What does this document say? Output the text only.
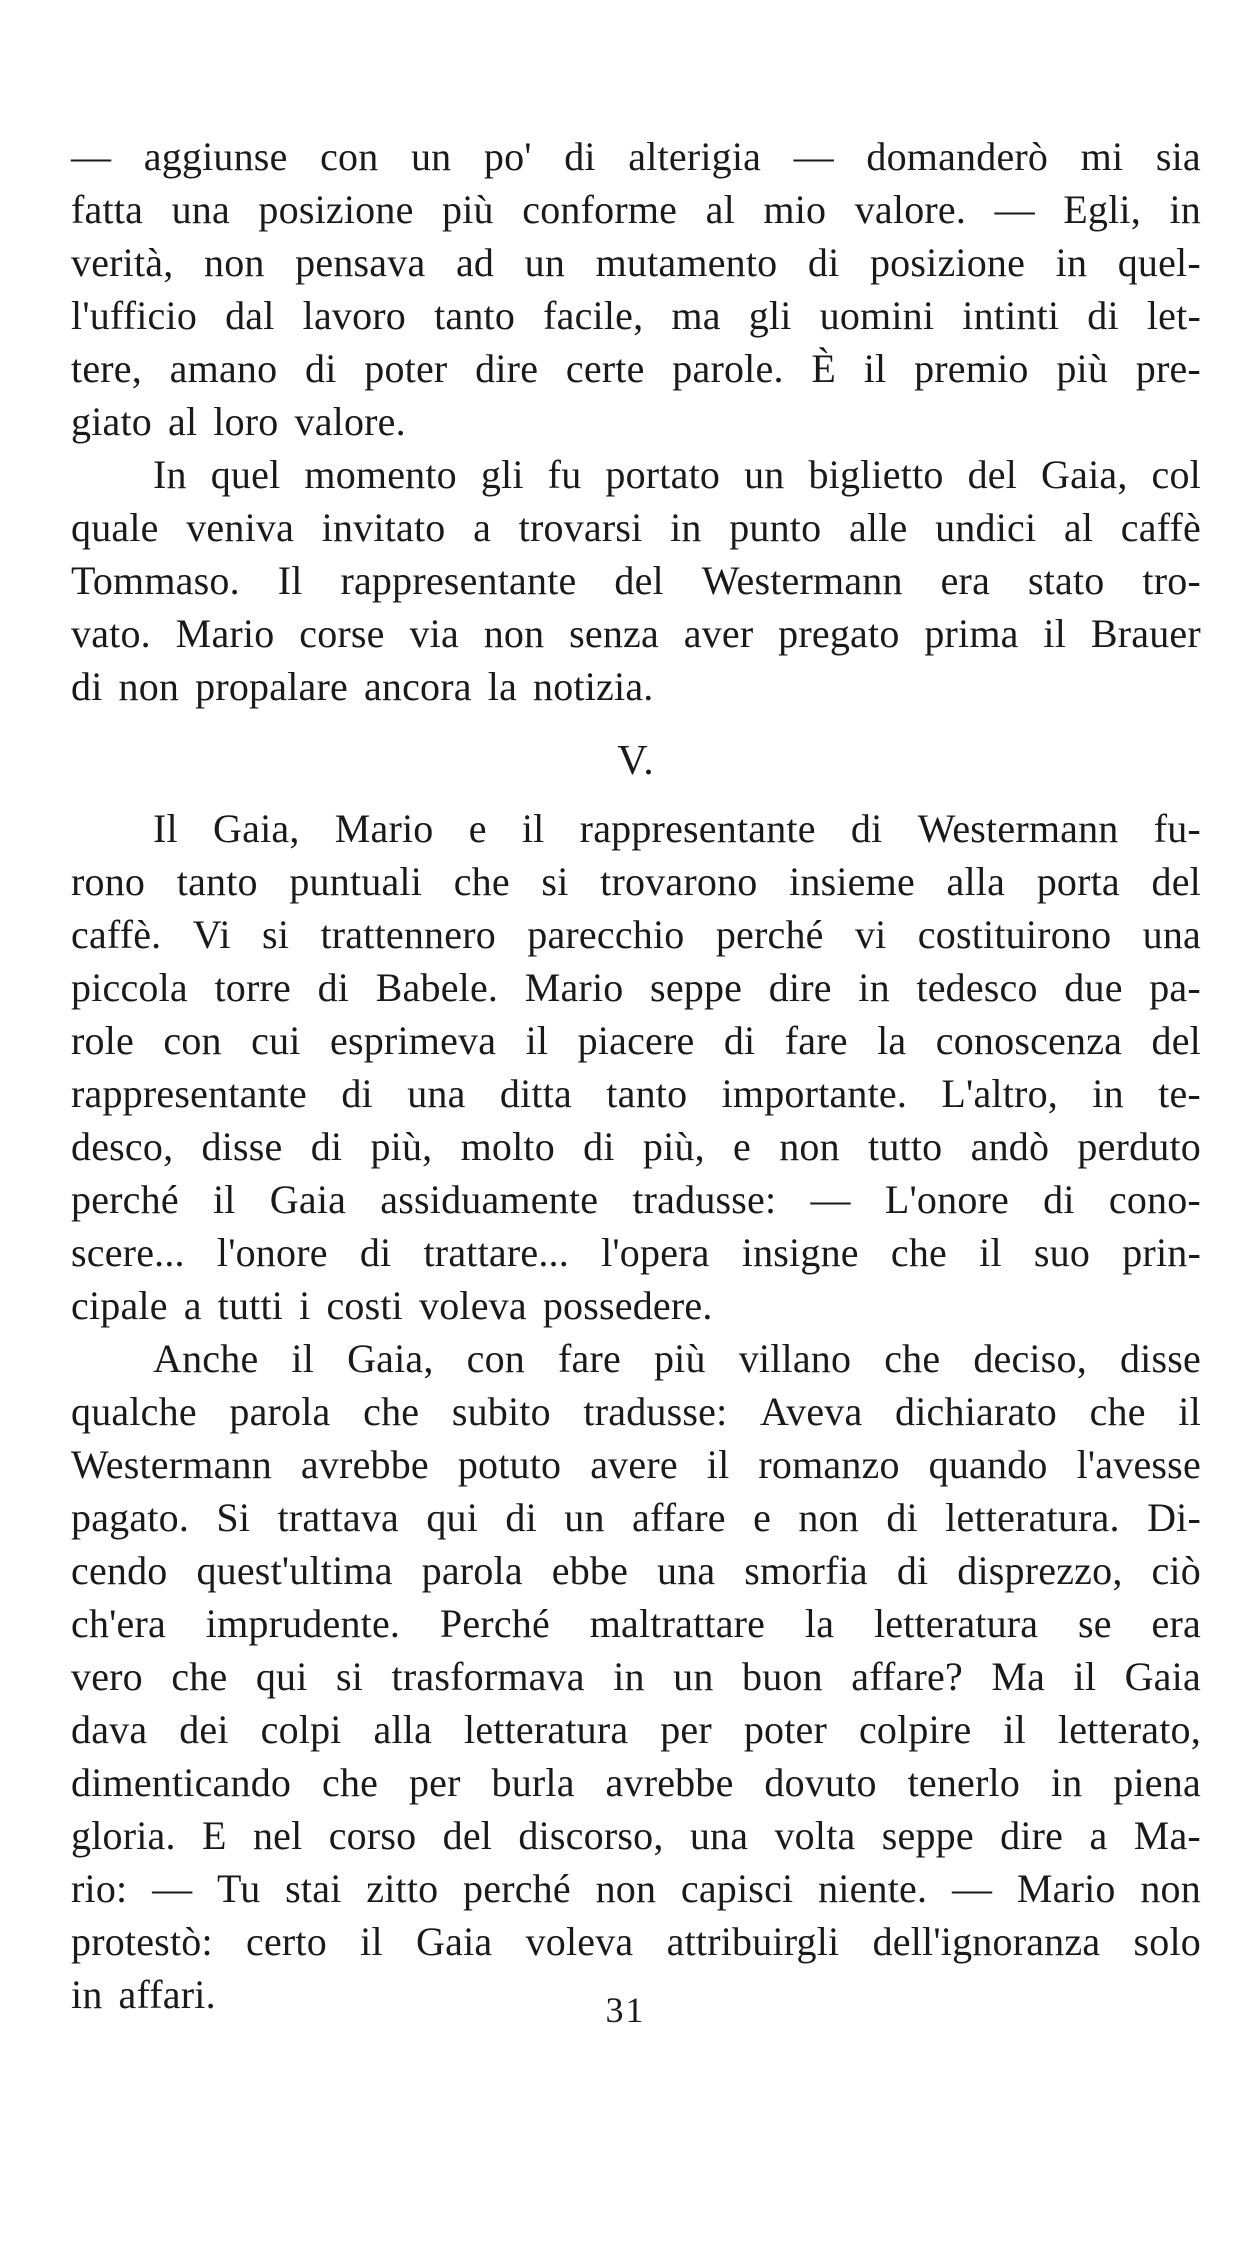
— aggiunse con un po' di alterigia — domanderò mi sia
fatta una posizione più conforme al mio valore. — Egli, in
verità, non pensava ad un mutamento di posizione in quel-
l'ufficio dal lavoro tanto facile, ma gli uomini intinti di let-
tere, amano di poter dire certe parole. È il premio più pre-
giato al loro valore.
In quel momento gli fu portato un biglietto del Gaia, col
quale veniva invitato a trovarsi in punto alle undici al caffè
Tommaso. Il rappresentante del Westermann era stato tro-
vato. Mario corse via non senza aver pregato prima il Brauer
di non propalare ancora la notizia.
V.
Il Gaia, Mario e il rappresentante di Westermann fu-
rono tanto puntuali che si trovarono insieme alla porta del
caffè. Vi si trattennero parecchio perché vi costituirono una
piccola torre di Babele. Mario seppe dire in tedesco due pa-
role con cui esprimeva il piacere di fare la conoscenza del
rappresentante di una ditta tanto importante. L'altro, in te-
desco, disse di più, molto di più, e non tutto andò perduto
perché il Gaia assiduamente tradusse: — L'onore di cono-
scere... l'onore di trattare... l'opera insigne che il suo prin-
cipale a tutti i costi voleva possedere.
Anche il Gaia, con fare più villano che deciso, disse
qualche parola che subito tradusse: Aveva dichiarato che il
Westermann avrebbe potuto avere il romanzo quando l'avesse
pagato. Si trattava qui di un affare e non di letteratura. Di-
cendo quest'ultima parola ebbe una smorfia di disprezzo, ciò
ch'era imprudente. Perché maltrattare la letteratura se era
vero che qui si trasformava in un buon affare? Ma il Gaia
dava dei colpi alla letteratura per poter colpire il letterato,
dimenticando che per burla avrebbe dovuto tenerlo in piena
gloria. E nel corso del discorso, una volta seppe dire a Ma-
rio: — Tu stai zitto perché non capisci niente. — Mario non
protestò: certo il Gaia voleva attribuirgli dell'ignoranza solo
in affari.	31
